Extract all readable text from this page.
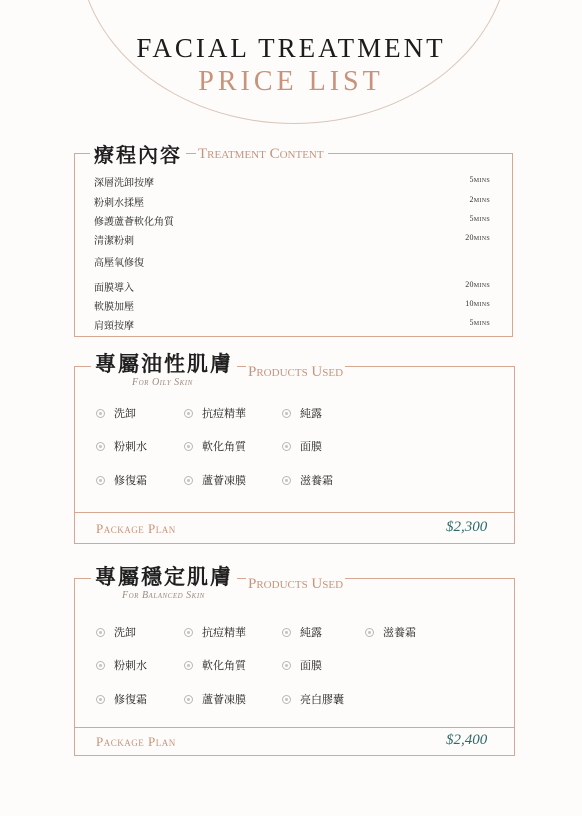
FACIAL TREATMENT
PRICE LIST
療程內容 Treatment Content
深層洗卸按摩	5mins
粉刺水揉壓	2mins
修護蘆薈軟化角質	5mins
清潔粉刺	20mins
高壓氧修復
面膜導入	20mins
軟膜加壓	10mins
肩頸按摩	5mins
專屬油性肌膚
For Oily Skin
Products Used
洗卸	抗痘精華	純露
粉刺水	軟化角質	面膜
修復霜	蘆薈凍膜	滋養霜
Package Plan	$2,300
專屬穩定肌膚
For Balanced Skin
Products Used
洗卸	抗痘精華	純露	滋養霜
粉刺水	軟化角質	面膜
修復霜	蘆薈凍膜	亮白膠囊
Package Plan	$2,400
